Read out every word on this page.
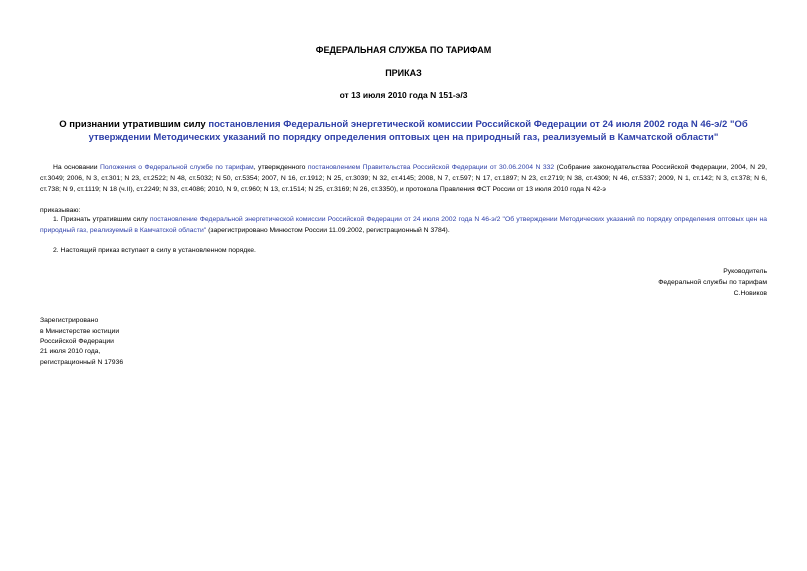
ФЕДЕРАЛЬНАЯ СЛУЖБА ПО ТАРИФАМ
ПРИКАЗ
от 13 июля 2010 года N 151-э/3
О признании утратившим силу постановления Федеральной энергетической комиссии Российской Федерации от 24 июля 2002 года N 46-э/2 "Об утверждении Методических указаний по порядку определения оптовых цен на природный газ, реализуемый в Камчатской области"
На основании Положения о Федеральной службе по тарифам, утвержденного постановлением Правительства Российской Федерации от 30.06.2004 N 332 (Собрание законодательства Российской Федерации, 2004, N 29, ст.3049; 2006, N 3, ст.301; N 23, ст.2522; N 48, ст.5032; N 50, ст.5354; 2007, N 16, ст.1912; N 25, ст.3039; N 32, ст.4145; 2008, N 7, ст.597; N 17, ст.1897; N 23, ст.2719; N 38, ст.4309; N 46, ст.5337; 2009, N 1, ст.142; N 3, ст.378; N 6, ст.738; N 9, ст.1119; N 18 (ч.II), ст.2249; N 33, ст.4086; 2010, N 9, ст.960; N 13, ст.1514; N 25, ст.3169; N 26, ст.3350), и протокола Правления ФСТ России от 13 июля 2010 года N 42-э
приказываю:
1. Признать утратившим силу постановление Федеральной энергетической комиссии Российской Федерации от 24 июля 2002 года N 46-э/2 "Об утверждении Методических указаний по порядку определения оптовых цен на природный газ, реализуемый в Камчатской области" (зарегистрировано Минюстом России 11.09.2002, регистрационный N 3784).
2. Настоящий приказ вступает в силу в установленном порядке.
Руководитель
Федеральной службы по тарифам
С.Новиков
Зарегистрировано
в Министерстве юстиции
Российской Федерации
21 июля 2010 года,
регистрационный N 17936
